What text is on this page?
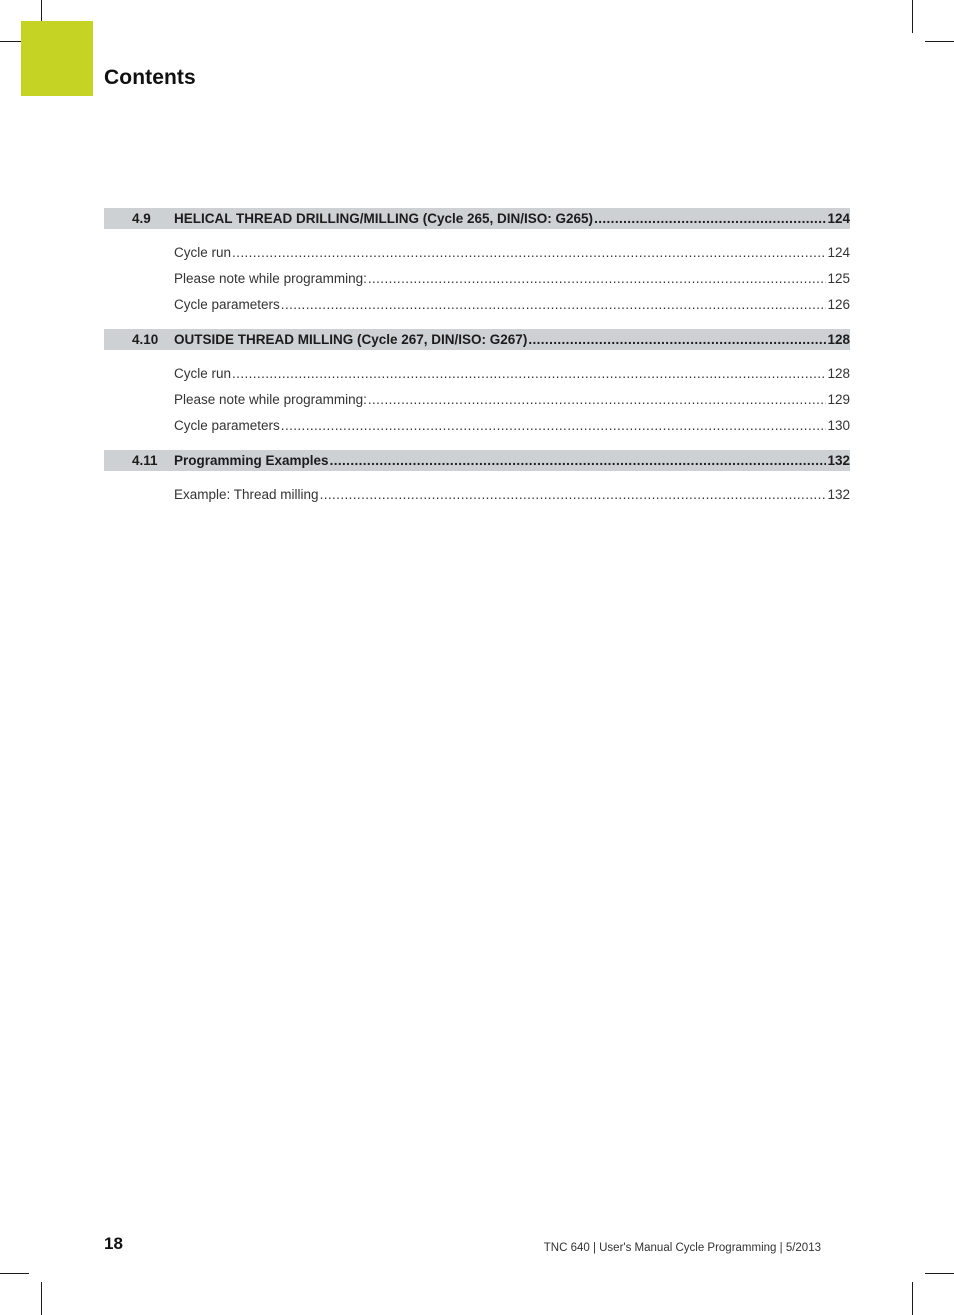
Contents
4.9	HELICAL THREAD DRILLING/MILLING (Cycle 265, DIN/ISO: G265) .....	124
Cycle run .....	124
Please note while programming: .....	125
Cycle parameters .....	126
4.10	OUTSIDE THREAD MILLING (Cycle 267, DIN/ISO: G267) .....	128
Cycle run .....	128
Please note while programming: .....	129
Cycle parameters .....	130
4.11	Programming Examples .....	132
Example: Thread milling .....	132
18	TNC 640 | User's Manual Cycle Programming | 5/2013
